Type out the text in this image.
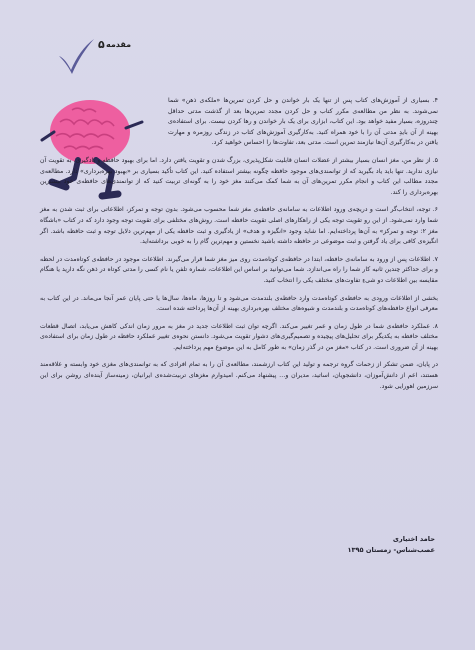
۵ مقدمه

۴. بسیاری از آموزش‌های کتاب پس از تنها یک بار خواندن و حل کردن تمرین‌ها «ملکه‌ی ذهن» شما نمی‌شوند. به نظر من مطالعه‌ی مکرر کتاب و حل کردن مجدد تمرین‌ها بعد از گذشت مدتی حداقل چندروزه، بسیار مفید خواهد بود. این کتاب، ابزاری برای یک بار خواندن و رها کردن نیست. برای استفاده‌ی بهینه از آن بایدِ مدتی آن را با خود همراه کنید. به‌کارگیری آموزش‌های کتاب در زندگی روزمره و مهارت یافتن در به‌کارگیری آن‌ها نیازمند تمرین است. مدتی بعد، تفاوت‌ها را احساس خواهید کرد.

۵. از نظر من، مغز انسان بسیار بیشتر از عضلات انسان قابلیت شکل‌پذیری، بزرگ شدن و تقویت یافتن دارد. اما برای بهبود حافظه و یادگیری، به تقویت آن نیازی ندارید. تنها باید یاد بگیرید که از توانمندی‌های موجود حافظه چگونه بیشتر استفاده کنید. این کتاب تأکید بسیاری بر «بهبود بهره‌برداری» دارد. مطالعه‌ی مجدد مطالب این کتاب و انجام مکرر تمرین‌های آن به شما کمک می‌کنند مغز خود را به گونه‌ای تربیت کنید که از توانمندی‌های حافظه‌ی خود بیشترین بهره‌برداری را کند.

۶. توجه، انتخاب‌گر است و دریچه‌ی ورود اطلاعات به سامانه‌ی حافظه‌ی مغز شما محسوب می‌شود. بدون توجه و تمرکز، اطلاعاتی برای ثبت شدن به مغز شما وارد نمی‌شود. از این رو تقویت توجه یکی از راهکارهای اصلی تقویت حافظه است. روش‌های مختلفی برای تقویت توجه وجود دارد که در کتاب «باشگاه مغز ۲: توجه و تمرکز» به آن‌ها پرداخته‌ایم. اما شاید وجود «انگیزه و هدف» از یادگیری و ثبت حافظه یکی از مهم‌ترین دلایل توجه و ثبت حافظه باشد. اگر انگیزه‌ی کافی برای یاد گرفتن و ثبت موضوعی در حافظه داشته باشید نخستین و مهم‌ترین گام را به خوبی برداشته‌اید.

۷. اطلاعات پس از ورود به سامانه‌ی حافظه، ابتدا در حافظه‌ی کوتاه‌مدت روی میز مغز شما قرار می‌گیرند. اطلاعات موجود در حافظه‌ی کوتاه‌مدت در لحظه و برای حداکثر چندین ثانیه کار شما را راه می‌اندازد. شما می‌توانید بر اساس این اطلاعات، شماره تلفن یا نام کسی را مدتی کوتاه در ذهن نگه دارید یا هنگام مقایسه بین اطلاعات دو شیءِ تفاوت‌های مختلف یکی را انتخاب کنید.

بخشی از اطلاعات ورودی به حافظه‌ی کوتاه‌مدت وارد حافظه‌ی بلندمدت می‌شود و تا روزها، ماه‌ها، سال‌ها یا حتی پایان عمر آنجا می‌ماند. در این کتاب به معرفی انواع حافظه‌های کوتاه‌مدت و بلندمدت و شیوه‌های مختلف بهره‌برداری بهینه از آن‌ها پرداخته شده است.

۸. عملکرد حافظه‌ی شما در طول زمان و عمر تغییر می‌کند. اگرچه توان ثبت اطلاعات جدید در مغز به مرور زمان اندکی کاهش می‌یابد، اتصال قطعات مختلف حافظه به یکدیگر برای تحلیل‌های پیچیده و تصمیم‌گیری‌های دشوار تقویت می‌شود. دانستن نحوه‌ی تغییر عملکرد حافظه در طول زمان برای استفاده‌ی بهینه از آن ضروری است. در کتاب «مغز من در گذر زمان» به طور کامل به این موضوع مهم پرداخته‌ایم.

در پایان، ضمن تشکر از زحمات گروه ترجمه و تولید این کتاب ارزشمند، مطالعه‌ی آن را به تمام افرادی که به توانمندی‌های مغزی خود وابسته و علاقه‌مند هستند، اعم از دانش‌آموزان، دانشجویان، اساتید، مدیران و… پیشنهاد می‌کنم. امیدوارم مغزهای تربیت‌شده‌ی ایرانیان، زمینه‌ساز آینده‌ای روشن برای این سرزمین اهورایی شود.

حامد اختیاری
عصب‌شناس- زمستان ۱۳۹۵
